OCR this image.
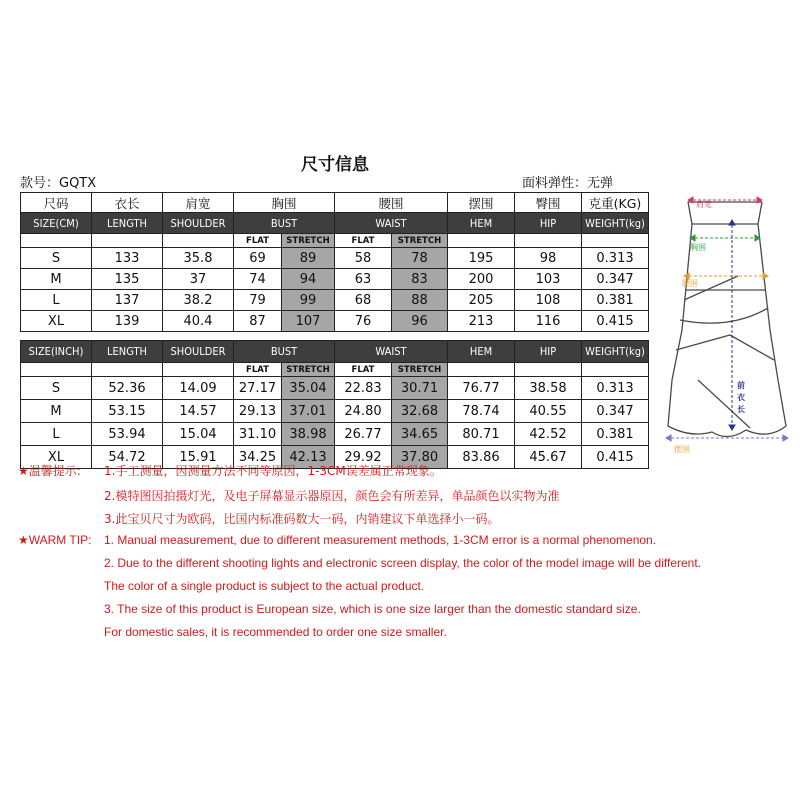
尺寸信息
款号：GQTX	面料弹性：无弹
尺码	衣长	肩宽	胸围		腰围		摆围	臀围	克重(KG)
SIZE(CM)	LENGTH	SHOULDER	BUST		WAIST		HEM	HIP	WEIGHT(kg)
			FLAT	STRETCH	FLAT	STRETCH			
S	133	35.8	69	89	58	78	195	98	0.313
M	135	37	74	94	63	83	200	103	0.347
L	137	38.2	79	99	68	88	205	108	0.381
XL	139	40.4	87	107	76	96	213	116	0.415
SIZE(INCH)	LENGTH	SHOULDER	BUST		WAIST		HEM	HIP	WEIGHT(kg)
			FLAT	STRETCH	FLAT	STRETCH			
S	52.36	14.09	27.17	35.04	22.83	30.71	76.77	38.58	0.313
M	53.15	14.57	29.13	37.01	24.80	32.68	78.74	40.55	0.347
L	53.94	15.04	31.10	38.98	26.77	34.65	80.71	42.52	0.381
XL	54.72	15.91	34.25	42.13	29.92	37.80	83.86	45.67	0.415
肩宽
胸围
腰围
前
衣
长
摆围
★温馨提示: 1.手工测量，因测量方法不同等原因，1-3CM误差属正常现象。
2.模特图因拍摄灯光，及电子屏幕显示器原因，颜色会有所差异，单品颜色以实物为准
3.此宝贝尺寸为欧码，比国内标准码数大一码，内销建议下单选择小一码。
★WARM TIP: 1. Manual measurement, due to different measurement methods, 1-3CM error is a normal phenomenon.
2. Due to the different shooting lights and electronic screen display, the color of the model image will be different.
The color of a single product is subject to the actual product.
3. The size of this product is European size, which is one size larger than the domestic standard size.
For domestic sales, it is recommended to order one size smaller.
